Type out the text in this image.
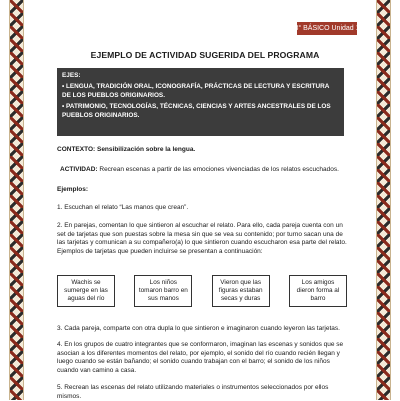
3° BÁSICO Unidad 1
EJEMPLO DE ACTIVIDAD SUGERIDA DEL PROGRAMA
EJES:
• LENGUA, TRADICIÓN ORAL, ICONOGRAFÍA, PRÁCTICAS DE LECTURA Y ESCRITURA DE LOS PUEBLOS ORIGINARIOS.
• PATRIMONIO, TECNOLOGÍAS, TÉCNICAS, CIENCIAS Y ARTES ANCESTRALES DE LOS PUEBLOS ORIGINARIOS.
CONTEXTO: Sensibilización sobre la lengua.
ACTIVIDAD: Recrean escenas a partir de las emociones vivenciadas de los relatos escuchados.
Ejemplos:
1. Escuchan el relato “Las manos que crean”.
2. En parejas, comentan lo que sintieron al escuchar el relato. Para ello, cada pareja cuenta con un set de tarjetas que son puestas sobre la mesa sin que se vea su contenido; por turno sacan una de las tarjetas y comunican a su compañero(a) lo que sintieron cuando escucharon esa parte del relato. Ejemplos de tarjetas que pueden incluirse se presentan a continuación:
Wachis se sumerge en las aguas del río
Los niños tomaron barro en sus manos
Vieron que las figuras estaban secas y duras
Los amigos dieron forma al barro
3. Cada pareja, comparte con otra dupla lo que sintieron e imaginaron cuando leyeron las tarjetas.
4. En los grupos de cuatro integrantes que se conformaron, imaginan las escenas y sonidos que se asocian a los diferentes momentos del relato, por ejemplo, el sonido del río cuando recién llegan y luego cuando se están bañando; el sonido cuando trabajan con el barro; el sonido de los niños cuando van camino a casa.
5. Recrean las escenas del relato utilizando materiales o instrumentos seleccionados por ellos mismos.
